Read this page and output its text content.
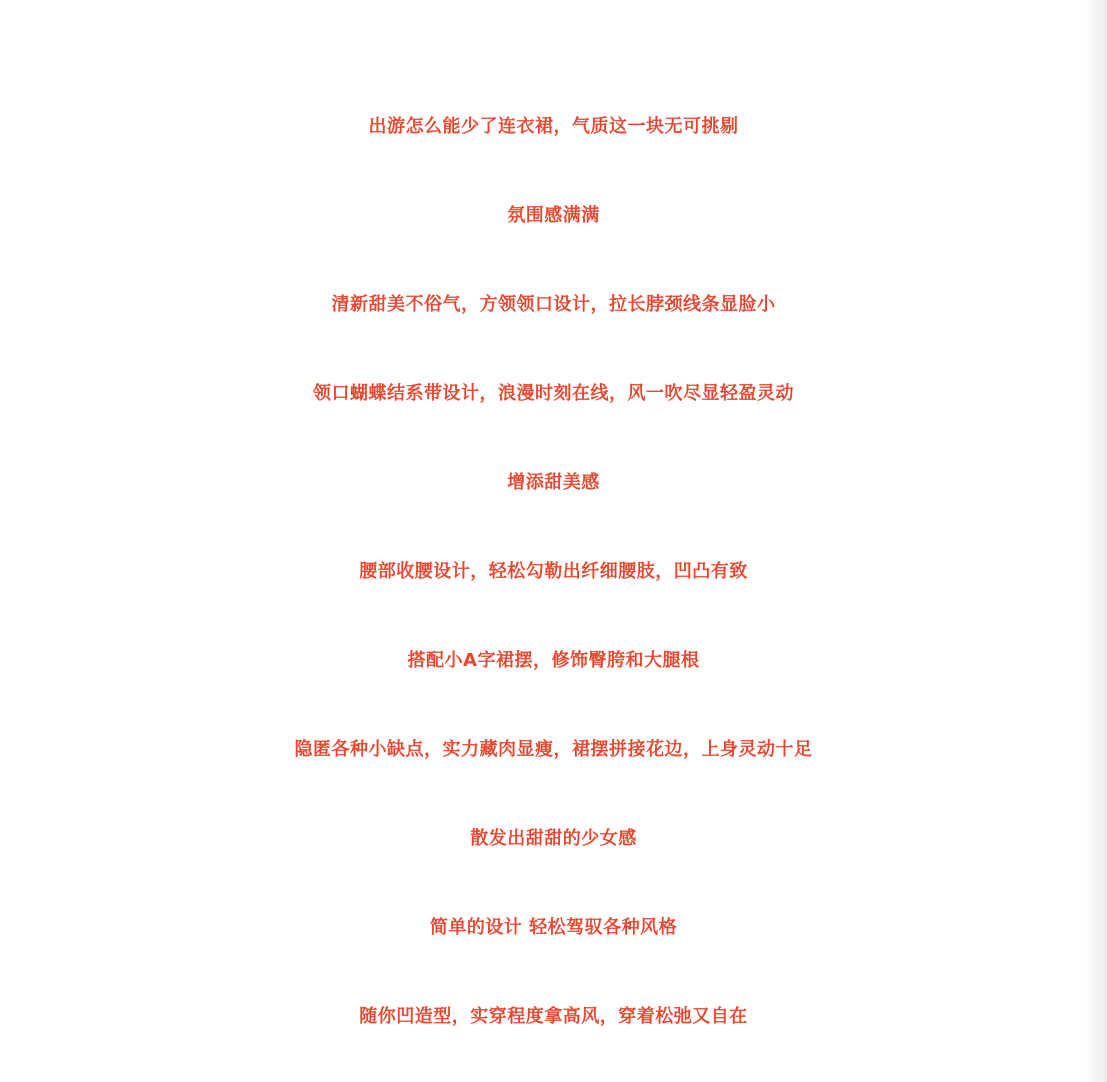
出游怎么能少了连衣裙，气质这一块无可挑剔
氛围感满满
清新甜美不俗气，方领领口设计，拉长脖颈线条显脸小
领口蝴蝶结系带设计，浪漫时刻在线，风一吹尽显轻盈灵动
增添甜美感
腰部收腰设计，轻松勾勒出纤细腰肢，凹凸有致
搭配小A字裙摆，修饰臀胯和大腿根
隐匿各种小缺点，实力藏肉显瘦，裙摆拼接花边，上身灵动十足
散发出甜甜的少女感
简单的设计 轻松驾驭各种风格
随你凹造型，实穿程度拿高风，穿着松弛又自在
